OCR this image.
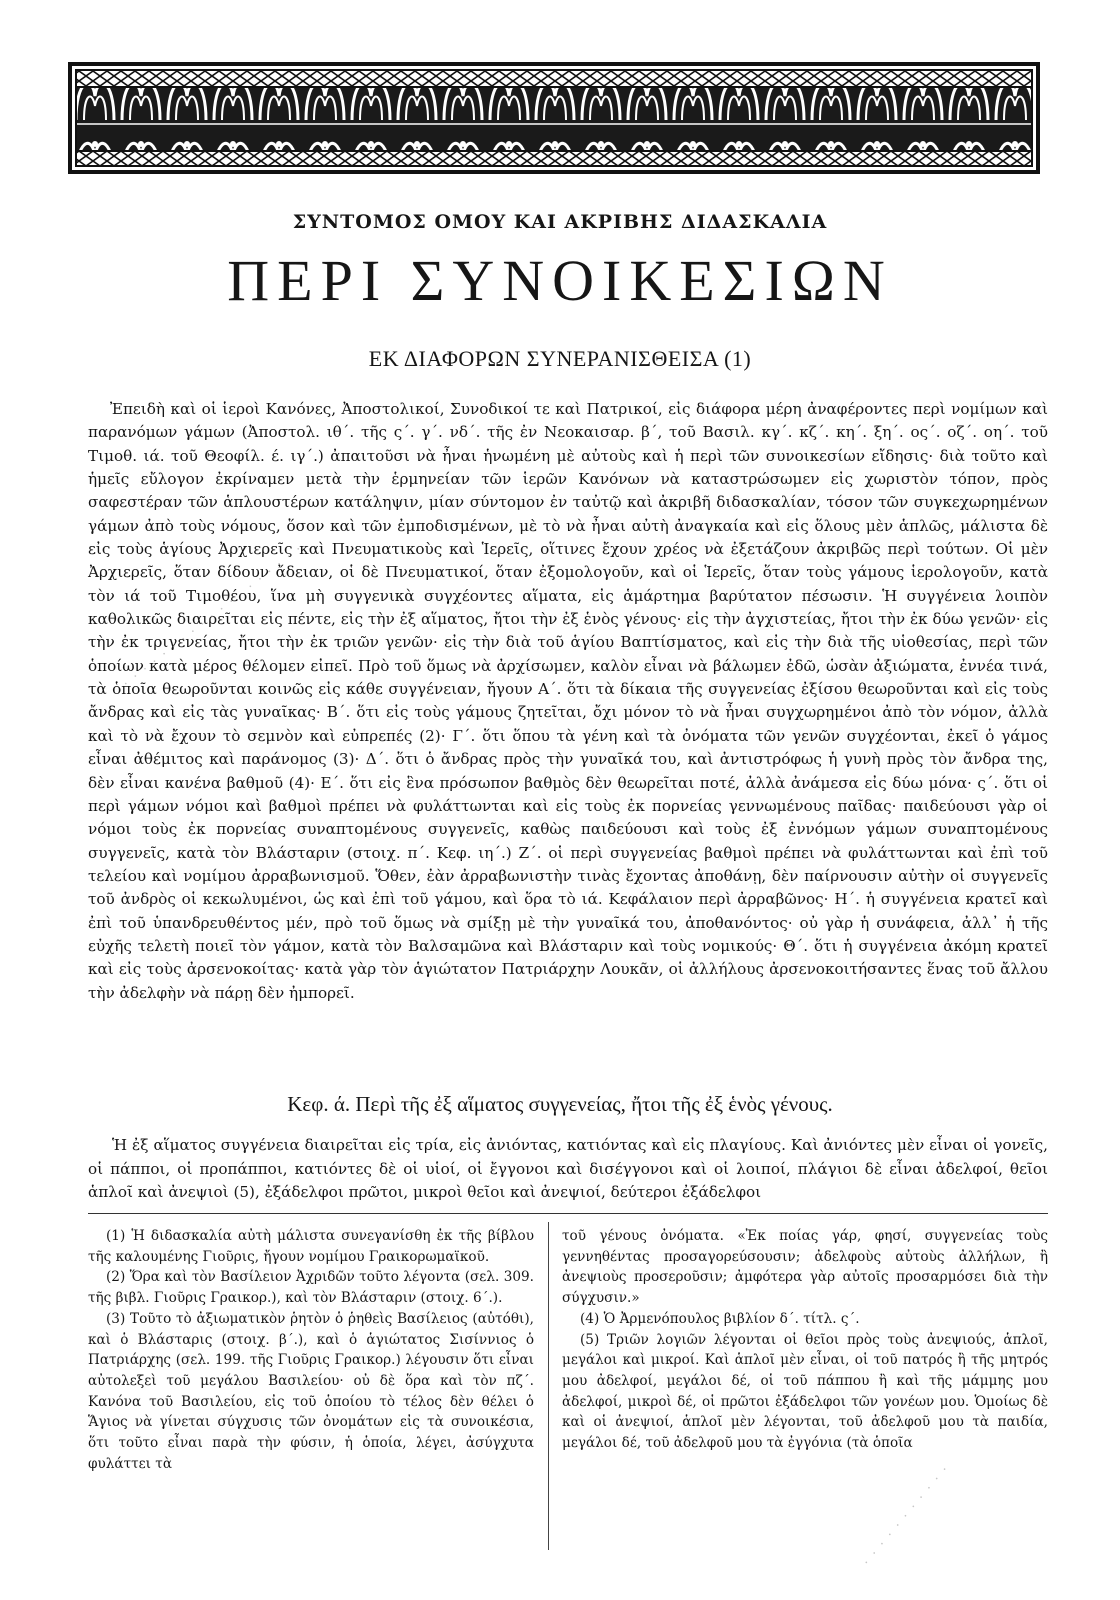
ΣΥΝΤΟΜΟΣ ΟΜΟΥ ΚΑΙ ΑΚΡΙΒΗΣ ΔΙΔΑΣΚΑΛΙΑ
ΠΕΡΙ ΣΥΝΟΙΚΕΣΙΩΝ
ΕΚ ΔΙΑΦΟΡΩΝ ΣΥΝΕΡΑΝΙΣΘΕΙΣΑ (1)

Ἐπειδὴ καὶ οἱ ἱεροὶ Κανόνες, Ἀποστολικοί, Συνοδικοί τε καὶ Πατρικοί, εἰς διάφορα μέρη ἀναφέροντες περὶ νομίμων καὶ παρανόμων γάμων (Ἀποστολ. ιθ΄. τῆς ς΄. γ΄. νδ΄. τῆς ἐν Νεοκαισαρ. β΄, τοῦ Βασιλ. κγ΄. κζ΄. κη΄. ξη΄. ος΄. οζ΄. οη΄. τοῦ Τιμοθ. ιά. τοῦ Θεοφίλ. έ. ιγ΄.) ἀπαιτοῦσι νὰ ἦναι ἡνωμένη μὲ αὐτοὺς καὶ ἡ περὶ τῶν συνοικεσίων εἴδησις· διὰ τοῦτο καὶ ἡμεῖς εὔλογον ἐκρίναμεν μετὰ τὴν ἑρμηνείαν τῶν ἱερῶν Κανόνων νὰ καταστρώσωμεν εἰς χωριστὸν τόπον, πρὸς σαφεστέραν τῶν ἁπλουστέρων κατάληψιν, μίαν σύντομον ἐν ταὐτῷ καὶ ἀκριβῆ διδασκαλίαν, τόσον τῶν συγκεχωρημένων γάμων ἀπὸ τοὺς νόμους, ὅσον καὶ τῶν ἐμποδισμένων, μὲ τὸ νὰ ἦναι αὐτὴ ἀναγκαία καὶ εἰς ὅλους μὲν ἁπλῶς, μάλιστα δὲ εἰς τοὺς ἁγίους Ἀρχιερεῖς καὶ Πνευματικοὺς καὶ Ἱερεῖς, οἵτινες ἔχουν χρέος νὰ ἐξετάζουν ἀκριβῶς περὶ τούτων. Οἱ μὲν Ἀρχιερεῖς, ὅταν δίδουν ἄδειαν, οἱ δὲ Πνευματικοί, ὅταν ἐξομολογοῦν, καὶ οἱ Ἱερεῖς, ὅταν τοὺς γάμους ἱερολογοῦν, κατὰ τὸν ιά τοῦ Τιμοθέου, ἵνα μὴ συγγενικὰ συγχέοντες αἵματα, εἰς ἁμάρτημα βαρύτατον πέσωσιν. Ἡ συγγένεια λοιπὸν καθολικῶς διαιρεῖται εἰς πέντε, εἰς τὴν ἐξ αἵματος, ἤτοι τὴν ἐξ ἑνὸς γένους· εἰς τὴν ἀγχιστείας, ἤτοι τὴν ἐκ δύω γενῶν· εἰς τὴν ἐκ τριγενείας, ἤτοι τὴν ἐκ τριῶν γενῶν· εἰς τὴν διὰ τοῦ ἁγίου Βαπτίσματος, καὶ εἰς τὴν διὰ τῆς υἱοθεσίας, περὶ τῶν ὁποίων κατὰ μέρος θέλομεν εἰπεῖ. Πρὸ τοῦ ὅμως νὰ ἀρχίσωμεν, καλὸν εἶναι νὰ βάλωμεν ἐδῶ, ὡσὰν ἀξιώματα, ἐννέα τινά, τὰ ὁποῖα θεωροῦνται κοινῶς εἰς κάθε συγγένειαν, ἤγουν Α΄. ὅτι τὰ δίκαια τῆς συγγενείας ἐξίσου θεωροῦνται καὶ εἰς τοὺς ἄνδρας καὶ εἰς τὰς γυναῖκας· Β΄. ὅτι εἰς τοὺς γάμους ζητεῖται, ὄχι μόνον τὸ νὰ ἦναι συγχωρημένοι ἀπὸ τὸν νόμον, ἀλλὰ καὶ τὸ νὰ ἔχουν τὸ σεμνὸν καὶ εὐπρεπές (2)· Γ΄. ὅτι ὅπου τὰ γένη καὶ τὰ ὀνόματα τῶν γενῶν συγχέονται, ἐκεῖ ὁ γάμος εἶναι ἀθέμιτος καὶ παράνομος (3)· Δ΄. ὅτι ὁ ἄνδρας πρὸς τὴν γυναῖκά του, καὶ ἀντιστρόφως ἡ γυνὴ πρὸς τὸν ἄνδρα της, δὲν εἶναι κανένα βαθμοῦ (4)· Ε΄. ὅτι εἰς ἓνα πρόσωπον βαθμὸς δὲν θεωρεῖται ποτέ, ἀλλὰ ἀνάμεσα εἰς δύω μόνα· ς΄. ὅτι οἱ περὶ γάμων νόμοι καὶ βαθμοὶ πρέπει νὰ φυλάττωνται καὶ εἰς τοὺς ἐκ πορνείας γεννωμένους παῖδας· παιδεύουσι γὰρ οἱ νόμοι τοὺς ἐκ πορνείας συναπτομένους συγγενεῖς, καθὼς παιδεύουσι καὶ τοὺς ἐξ ἐννόμων γάμων συναπτομένους συγγενεῖς, κατὰ τὸν Βλάσταριν (στοιχ. π΄. Κεφ. ιη΄.) Ζ΄. οἱ περὶ συγγενείας βαθμοὶ πρέπει νὰ φυλάττωνται καὶ ἐπὶ τοῦ τελείου καὶ νομίμου ἀρραβωνισμοῦ. Ὅθεν, ἐὰν ἀρραβωνιστὴν τινὰς ἔχοντας ἀποθάνῃ, δὲν παίρνουσιν αὐτὴν οἱ συγγενεῖς τοῦ ἀνδρὸς οἱ κεκωλυμένοι, ὡς καὶ ἐπὶ τοῦ γάμου, καὶ ὅρα τὸ ιά. Κεφάλαιον περὶ ἀρραβῶνος· Η΄. ἡ συγγένεια κρατεῖ καὶ ἐπὶ τοῦ ὑπανδρευθέντος μέν, πρὸ τοῦ ὅμως νὰ σμίξῃ μὲ τὴν γυναῖκά του, ἀποθανόντος· οὐ γὰρ ἡ συνάφεια, ἀλλ᾽ ἡ τῆς εὐχῆς τελετὴ ποιεῖ τὸν γάμον, κατὰ τὸν Βαλσαμῶνα καὶ Βλάσταριν καὶ τοὺς νομικούς· Θ΄. ὅτι ἡ συγγένεια ἀκόμη κρατεῖ καὶ εἰς τοὺς ἀρσενοκοίτας· κατὰ γὰρ τὸν ἁγιώτατον Πατριάρχην Λουκᾶν, οἱ ἀλλήλους ἀρσενοκοιτήσαντες ἕνας τοῦ ἄλλου τὴν ἀδελφὴν νὰ πάρῃ δὲν ἠμπορεῖ.

Κεφ. ά. Περὶ τῆς ἐξ αἵματος συγγενείας, ἤτοι τῆς ἐξ ἑνὸς γένους.

Ἡ ἐξ αἵματος συγγένεια διαιρεῖται εἰς τρία, εἰς ἀνιόντας, κατιόντας καὶ εἰς πλαγίους. Καὶ ἀνιόντες μὲν εἶναι οἱ γονεῖς, οἱ πάπποι, οἱ προπάπποι, κατιόντες δὲ οἱ υἱοί, οἱ ἔγγονοι καὶ δισέγγονοι καὶ οἱ λοιποί, πλάγιοι δὲ εἶναι ἀδελφοί, θεῖοι ἁπλοῖ καὶ ἀνεψιοὶ (5), ἐξάδελφοι πρῶτοι, μικροὶ θεῖοι καὶ ἀνεψιοί, δεύτεροι ἐξάδελφοι

(1) Ἡ διδασκαλία αὐτὴ μάλιστα συνεγανίσθη ἐκ τῆς βίβλου τῆς καλουμένης Γιοῦρις, ἤγουν νομίμου Γραικορωμαϊκοῦ.

(2) Ὅρα καὶ τὸν Βασίλειον Ἀχριδῶν τοῦτο λέγοντα (σελ. 309. τῆς βιβλ. Γιοῦρις Γραικορ.), καὶ τὸν Βλάσταριν (στοιχ. 6΄.).

(3) Τοῦτο τὸ ἀξιωματικὸν ῥητὸν ὁ ῥηθεὶς Βασίλειος (αὐτόθι), καὶ ὁ Βλάσταρις (στοιχ. β΄.), καὶ ὁ ἁγιώτατος Σισίννιος ὁ Πατριάρχης (σελ. 199. τῆς Γιοῦρις Γραικορ.) λέγουσιν ὅτι εἶναι αὐτολεξεὶ τοῦ μεγάλου Βασιλείου· οὐ δὲ ὅρα καὶ τὸν πζ΄. Κανόνα τοῦ Βασιλείου, εἰς τοῦ ὁποίου τὸ τέλος δὲν θέλει ὁ Ἅγιος νὰ γίνεται σύγχυσις τῶν ὀνομάτων εἰς τὰ συνοικέσια, ὅτι τοῦτο εἶναι παρὰ τὴν φύσιν, ἡ ὁποία, λέγει, ἀσύγχυτα φυλάττει τὰ

τοῦ γένους ὀνόματα. «Ἐκ ποίας γάρ, φησί, συγγενείας τοὺς γεννηθέντας προσαγορεύσουσιν; ἀδελφοὺς αὐτοὺς ἀλλήλων, ἢ ἀνεψιοὺς προσεροῦσιν; ἀμφότερα γὰρ αὐτοῖς προσαρμόσει διὰ τὴν σύγχυσιν.»

(4) Ὁ Ἀρμενόπουλος βιβλίον δ΄. τίτλ. ς΄.

(5) Τριῶν λογιῶν λέγονται οἱ θεῖοι πρὸς τοὺς ἀνεψιούς, ἁπλοῖ, μεγάλοι καὶ μικροί. Καὶ ἁπλοῖ μὲν εἶναι, οἱ τοῦ πατρός ἢ τῆς μητρός μου ἀδελφοί, μεγάλοι δέ, οἱ τοῦ πάππου ἢ καὶ τῆς μάμμης μου ἀδελφοί, μικροὶ δέ, οἱ πρῶτοι ἐξάδελφοι τῶν γονέων μου. Ὁμοίως δὲ καὶ οἱ ἀνεψιοί, ἁπλοῖ μὲν λέγονται, τοῦ ἀδελφοῦ μου τὰ παιδία, μεγάλοι δέ, τοῦ ἀδελφοῦ μου τὰ ἐγγόνια (τὰ ὁποῖα

· · · · · · · · · · · · · · · · · · ·
· · · · · · · · · · ·
